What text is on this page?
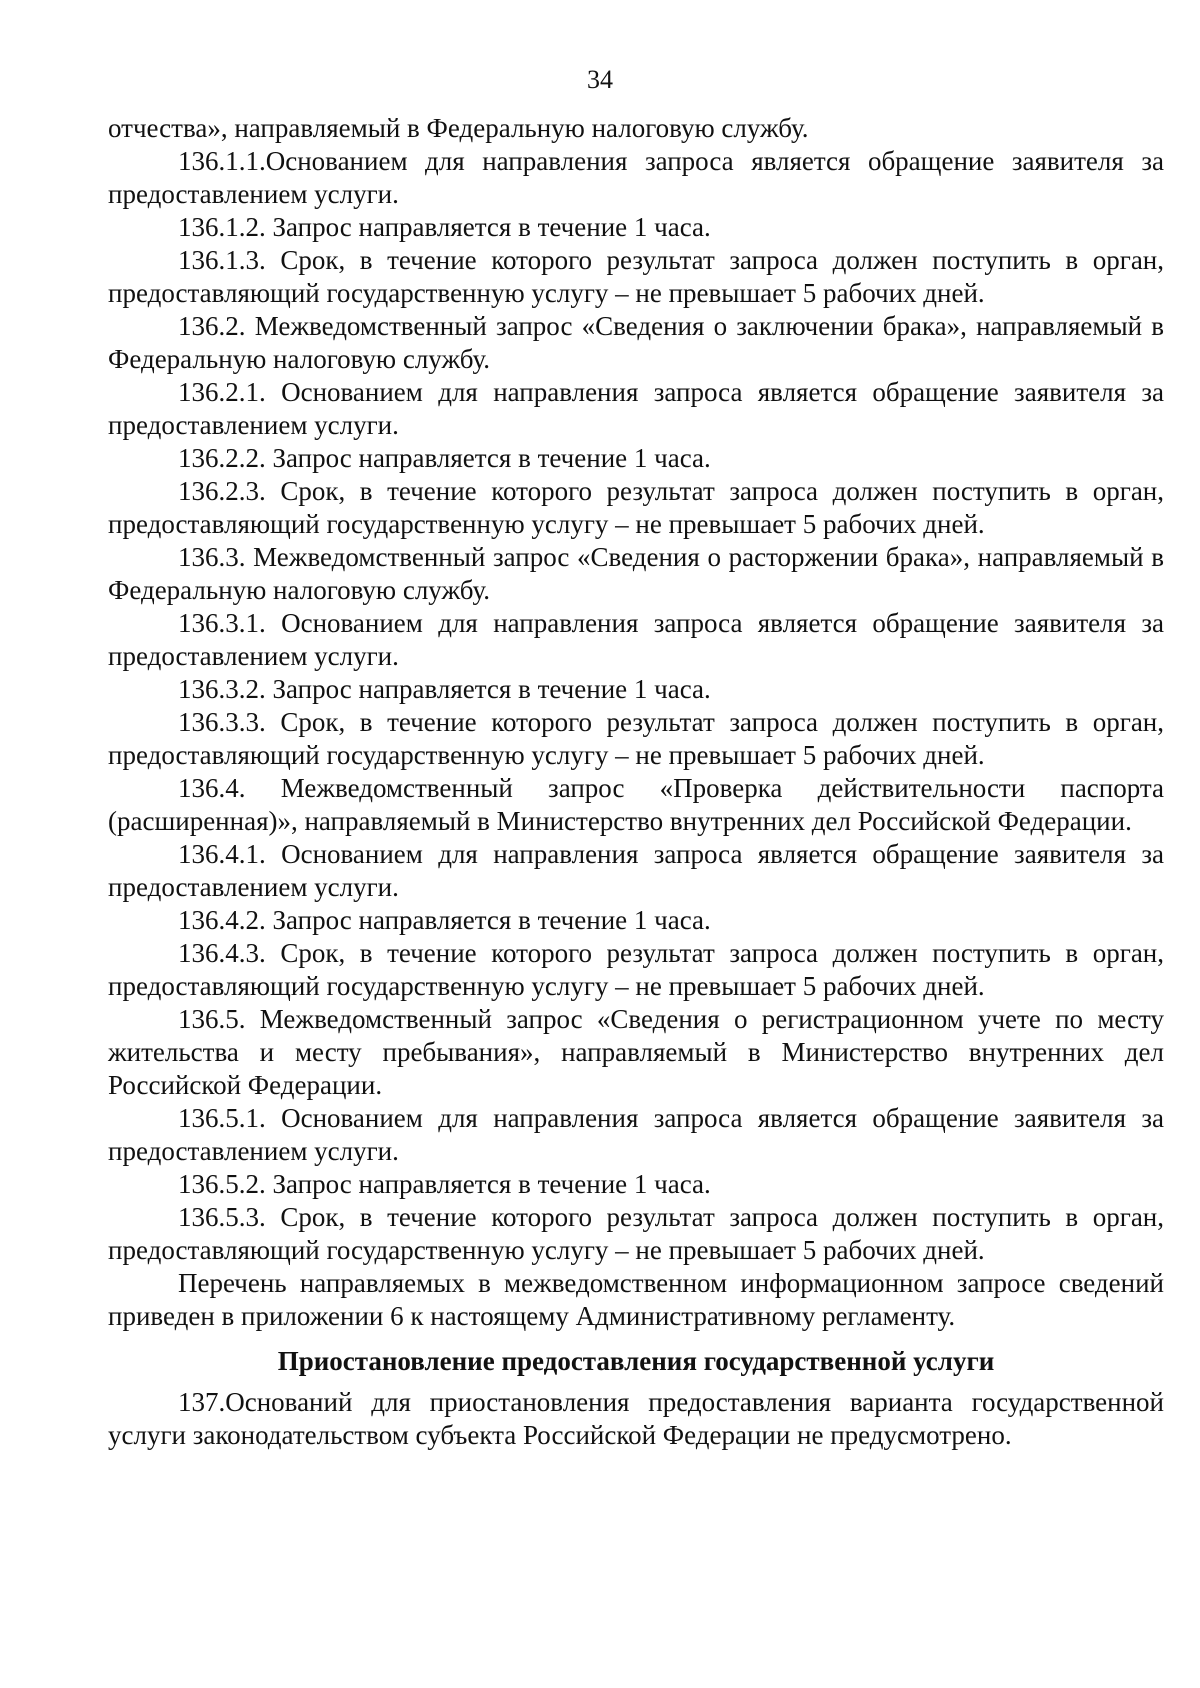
34

отчества», направляемый в Федеральную налоговую службу.

136.1.1.Основанием для направления запроса является обращение заявителя за предоставлением услуги.

136.1.2. Запрос направляется в течение 1 часа.

136.1.3. Срок, в течение которого результат запроса должен поступить в орган, предоставляющий государственную услугу – не превышает 5 рабочих дней.

136.2. Межведомственный запрос «Сведения о заключении брака», направляемый в Федеральную налоговую службу.

136.2.1. Основанием для направления запроса является обращение заявителя за предоставлением услуги.

136.2.2. Запрос направляется в течение 1 часа.

136.2.3. Срок, в течение которого результат запроса должен поступить в орган, предоставляющий государственную услугу – не превышает 5 рабочих дней.

136.3. Межведомственный запрос «Сведения о расторжении брака», направляемый в Федеральную налоговую службу.

136.3.1. Основанием для направления запроса является обращение заявителя за предоставлением услуги.

136.3.2. Запрос направляется в течение 1 часа.

136.3.3. Срок, в течение которого результат запроса должен поступить в орган, предоставляющий государственную услугу – не превышает 5 рабочих дней.

136.4. Межведомственный запрос «Проверка действительности паспорта (расширенная)», направляемый в Министерство внутренних дел Российской Федерации.

136.4.1. Основанием для направления запроса является обращение заявителя за предоставлением услуги.

136.4.2. Запрос направляется в течение 1 часа.

136.4.3. Срок, в течение которого результат запроса должен поступить в орган, предоставляющий государственную услугу – не превышает 5 рабочих дней.

136.5. Межведомственный запрос «Сведения о регистрационном учете по месту жительства и месту пребывания», направляемый в Министерство внутренних дел Российской Федерации.

136.5.1. Основанием для направления запроса является обращение заявителя за предоставлением услуги.

136.5.2. Запрос направляется в течение 1 часа.

136.5.3. Срок, в течение которого результат запроса должен поступить в орган, предоставляющий государственную услугу – не превышает 5 рабочих дней.

Перечень направляемых в межведомственном информационном запросе сведений приведен в приложении 6 к настоящему Административному регламенту.

Приостановление предоставления государственной услуги

137.Оснований для приостановления предоставления варианта государственной услуги законодательством субъекта Российской Федерации не предусмотрено.
